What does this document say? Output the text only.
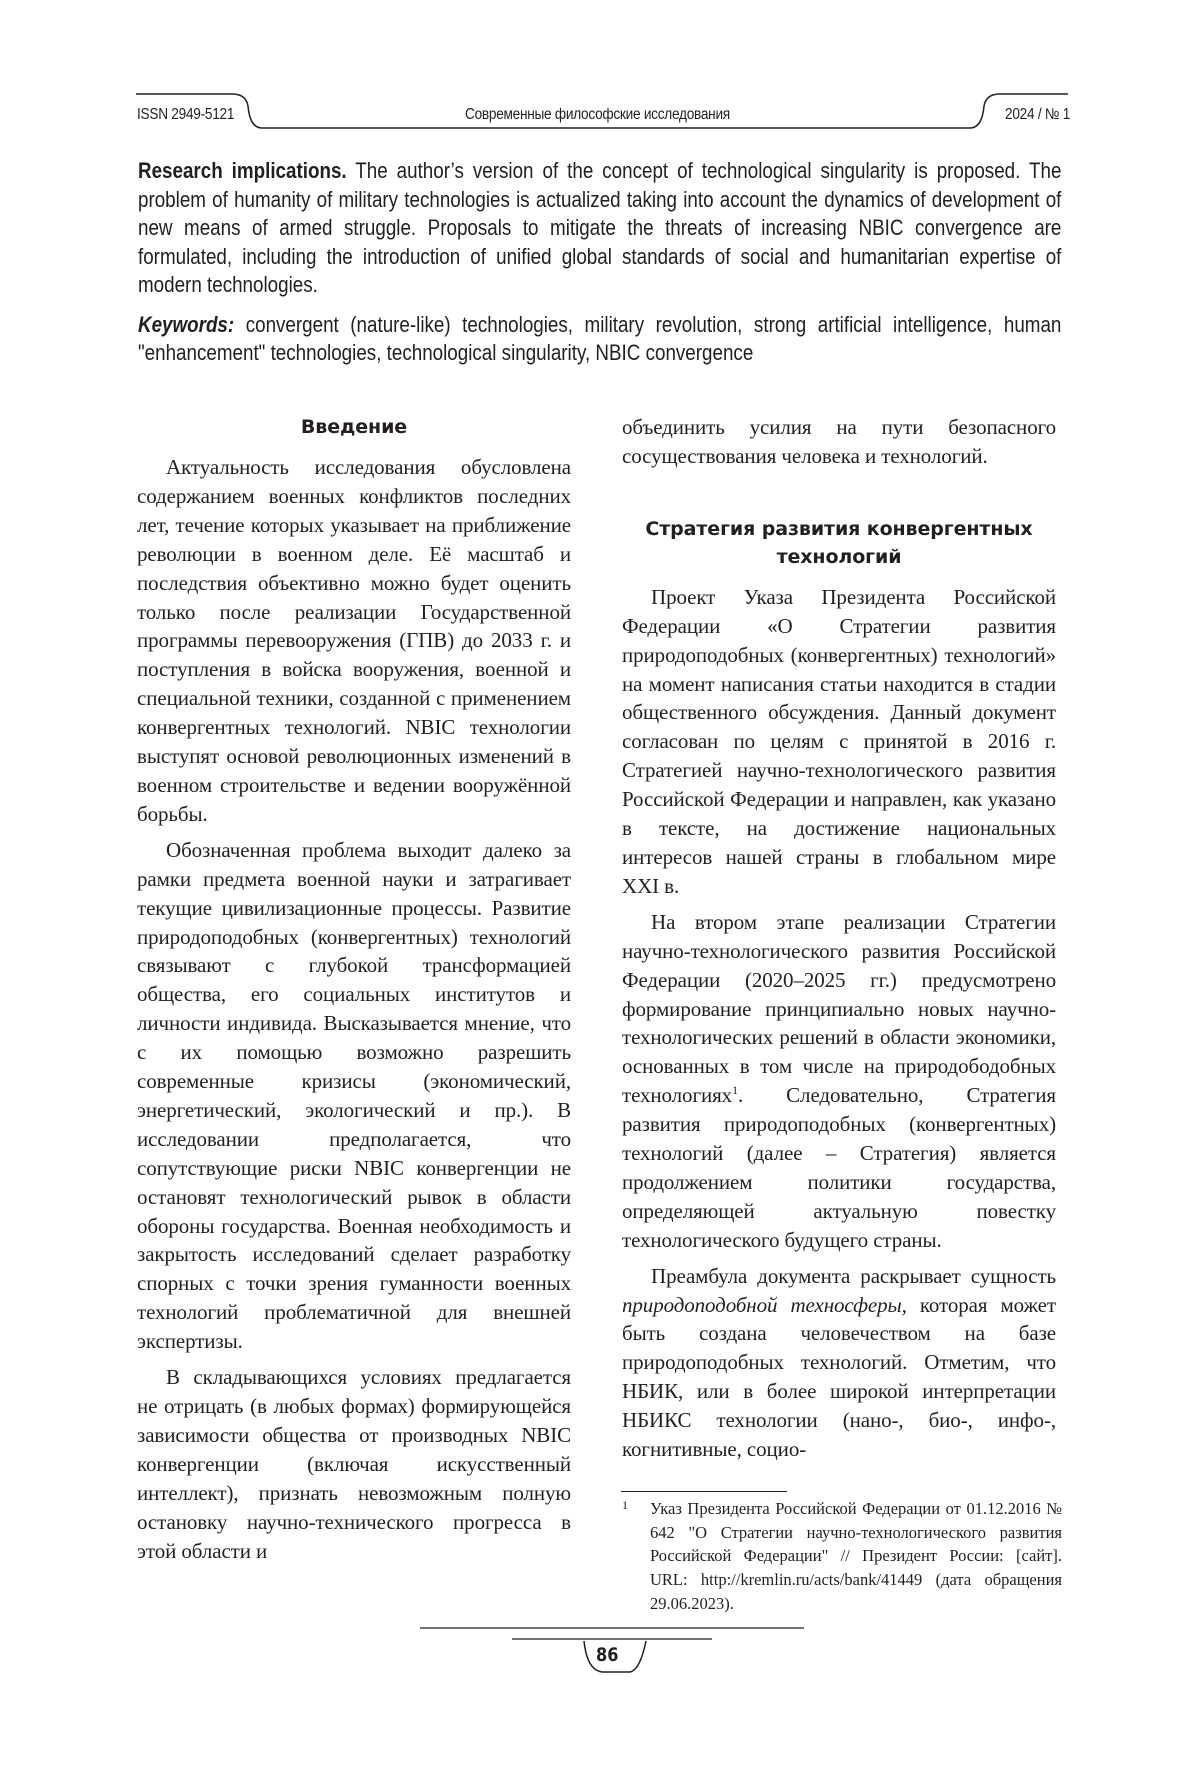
ISSN 2949-5121	Современные философские исследования	2024 / № 1

Research implications. The author’s version of the concept of technological singularity is proposed. The problem of humanity of military technologies is actualized taking into account the dynamics of development of new means of armed struggle. Proposals to mitigate the threats of increasing NBIC convergence are formulated, including the introduction of unified global standards of social and humanitarian expertise of modern technologies.

Keywords: convergent (nature-like) technologies, military revolution, strong artificial intelligence, human "enhancement" technologies, technological singularity, NBIC convergence

Введение

Актуальность исследования обусловлена содержанием военных конфликтов последних лет, течение которых указывает на приближение революции в военном деле. Её масштаб и последствия объективно можно будет оценить только после реализации Государственной программы перевооружения (ГПВ) до 2033 г. и поступления в войска вооружения, военной и специальной техники, созданной с применением конвергентных технологий. NBIC технологии выступят основой революционных изменений в военном строительстве и ведении вооружённой борьбы.

Обозначенная проблема выходит далеко за рамки предмета военной науки и затрагивает текущие цивилизационные процессы. Развитие природоподобных (конвергентных) технологий связывают с глубокой трансформацией общества, его социальных институтов и личности индивида. Высказывается мнение, что с их помощью возможно разрешить современные кризисы (экономический, энергетический, экологический и пр.). В исследовании предполагается, что сопутствующие риски NBIC конвергенции не остановят технологический рывок в области обороны государства. Военная необходимость и закрытость исследований сделает разработку спорных с точки зрения гуманности военных технологий проблематичной для внешней экспертизы.

В складывающихся условиях предлагается не отрицать (в любых формах) формирующейся зависимости общества от производных NBIC конвергенции (включая искусственный интеллект), признать невозможным полную остановку научно-технического прогресса в этой области и

объединить усилия на пути безопасного сосуществования человека и технологий.

Стратегия развития конвергентных технологий

Проект Указа Президента Российской Федерации «О Стратегии развития природоподобных (конвергентных) технологий» на момент написания статьи находится в стадии общественного обсуждения. Данный документ согласован по целям с принятой в 2016 г. Стратегией научно-технологического развития Российской Федерации и направлен, как указано в тексте, на достижение национальных интересов нашей страны в глобальном мире XXI в.

На втором этапе реализации Стратегии научно-технологического развития Российской Федерации (2020–2025 гг.) предусмотрено формирование принципиально новых научно-технологических решений в области экономики, основанных в том числе на природободобных технологиях$^1$. Следовательно, Стратегия развития природоподобных (конвергентных) технологий (далее – Стратегия) является продолжением политики государства, определяющей актуальную повестку технологического будущего страны.

Преамбула документа раскрывает сущность природоподобной техносферы, которая может быть создана человечеством на базе природоподобных технологий. Отметим, что НБИК, или в более широкой интерпретации НБИКС технологии (нано-, био-, инфо-, когнитивные, социо-

1 Указ Президента Российской Федерации от 01.12.2016 № 642 "О Стратегии научно-технологического развития Российской Федерации" // Президент России: [сайт]. URL: http://kremlin.ru/acts/bank/41449 (дата обращения 29.06.2023).
86
